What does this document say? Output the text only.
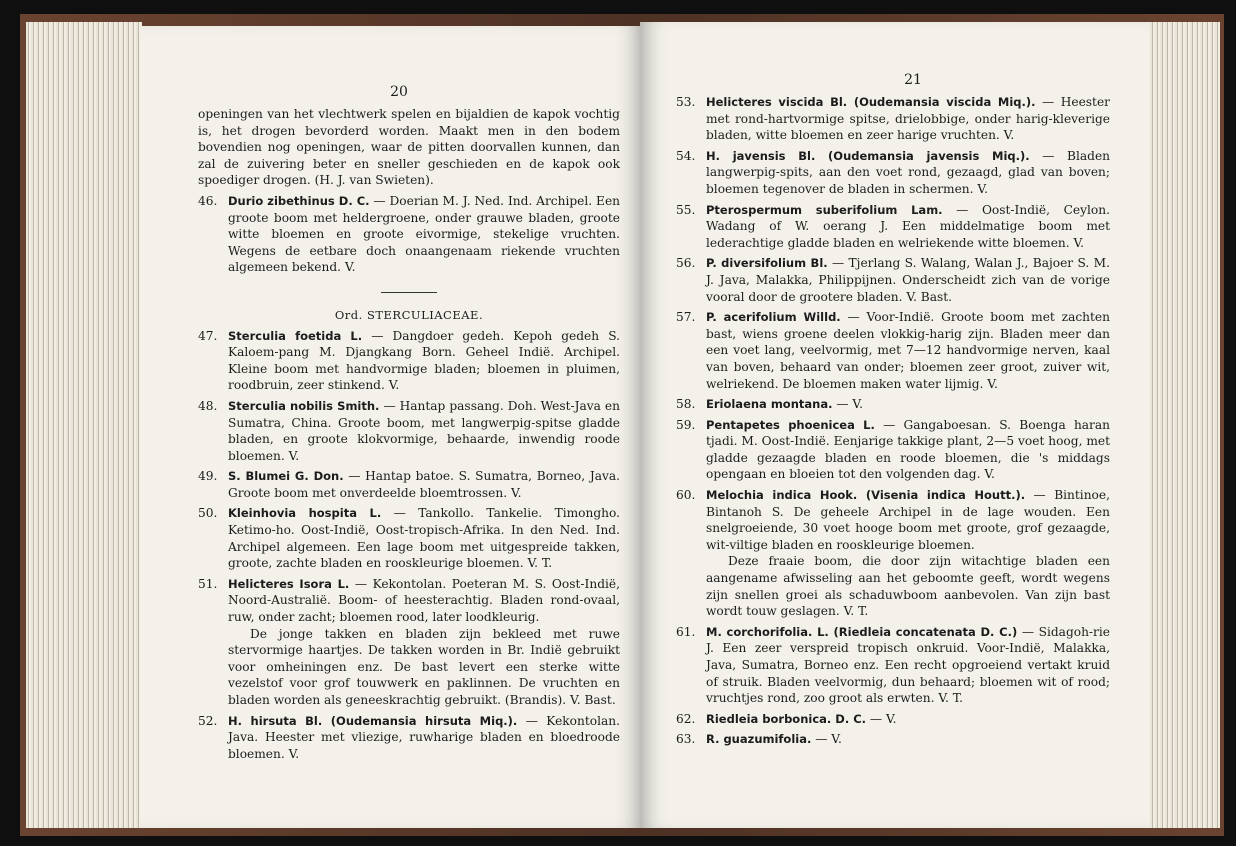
20

openingen van het vlechtwerk spelen en bijaldien de kapok vochtig is, het drogen bevorderd worden. Maakt men in den bodem bovendien nog openingen, waar de pitten doorvallen kunnen, dan zal de zuivering beter en sneller geschieden en de kapok ook spoediger drogen. (H. J. van Swieten).

46. Durio zibethinus D. C. — Doerian M. J. Ned. Ind. Archipel. Een groote boom met heldergroene, onder grauwe bladen, groote witte bloemen en groote eivormige, stekelige vruchten. Wegens de eetbare doch onaangenaam riekende vruchten algemeen bekend. V.
Ord. STERCULIACEAE.
47. Sterculia foetida L. — Dangdoer gedeh. Kepoh gedeh S. Kaloem-pang M. Djangkang Born. Geheel Indië. Archipel. Kleine boom met handvormige bladen; bloemen in pluimen, roodbruin, zeer stinkend. V.
48. Sterculia nobilis Smith. — Hantap passang. Doh. West-Java en Sumatra, China. Groote boom, met langwerpig-spitse gladde bladen, en groote klokvormige, behaarde, inwendig roode bloemen. V.
49. S. Blumei G. Don. — Hantap batoe. S. Sumatra, Borneo, Java. Groote boom met onverdeelde bloemtrossen. V.
50. Kleinhovia hospita L. — Tankollo. Tankelie. Timongho. Ketimo-ho. Oost-Indië, Oost-tropisch-Afrika. In den Ned. Ind. Archipel algemeen. Een lage boom met uitgespreide takken, groote, zachte bladen en rooskleurige bloemen. V. T.
51. Helicteres Isora L. — Kekontolan. Poeteran M. S. Oost-Indië, Noord-Australië. Boom- of heesterachtig. Bladen rond-ovaal, ruw, onder zacht; bloemen rood, later loodkleurig.

De jonge takken en bladen zijn bekleed met ruwe stervormige haartjes. De takken worden in Br. Indië gebruikt voor omheiningen enz. De bast levert een sterke witte vezelstof voor grof touwwerk en paklinnen. De vruchten en bladen worden als geneeskrachtig gebruikt. (Brandis). V. Bast.

52. H. hirsuta Bl. (Oudemansia hirsuta Miq.). — Kekontolan. Java. Heester met vliezige, ruwharige bladen en bloedroode bloemen. V.
21
53. Helicteres viscida Bl. (Oudemansia viscida Miq.). — Heester met rond-hartvormige spitse, drielobbige, onder harig-kleverige bladen, witte bloemen en zeer harige vruchten. V.
54. H. javensis Bl. (Oudemansia javensis Miq.). — Bladen langwerpig-spits, aan den voet rond, gezaagd, glad van boven; bloemen tegenover de bladen in schermen. V.
55. Pterospermum suberifolium Lam. — Oost-Indië, Ceylon. Wadang of W. oerang J. Een middelmatige boom met lederachtige gladde bladen en welriekende witte bloemen. V.
56. P. diversifolium Bl. — Tjerlang S. Walang, Walan J., Bajoer S. M. J. Java, Malakka, Philippijnen. Onderscheidt zich van de vorige vooral door de grootere bladen. V. Bast.
57. P. acerifolium Willd. — Voor-Indië. Groote boom met zachten bast, wiens groene deelen vlokkig-harig zijn. Bladen meer dan een voet lang, veelvormig, met 7—12 handvormige nerven, kaal van boven, behaard van onder; bloemen zeer groot, zuiver wit, welriekend. De bloemen maken water lijmig. V.
58. Eriolaena montana. — V.
59. Pentapetes phoenicea L. — Gangaboesan. S. Boenga haran tjadi. M. Oost-Indië. Eenjarige takkige plant, 2—5 voet hoog, met gladde gezaagde bladen en roode bloemen, die 's middags opengaan en bloeien tot den volgenden dag. V.
60. Melochia indica Hook. (Visenia indica Houtt.). — Bintinoe, Bintanoh S. De geheele Archipel in de lage wouden. Een snelgroeiende, 30 voet hooge boom met groote, grof gezaagde, wit-viltige bladen en rooskleurige bloemen.

Deze fraaie boom, die door zijn witachtige bladen een aangename afwisseling aan het geboomte geeft, wordt wegens zijn snellen groei als schaduwboom aanbevolen. Van zijn bast wordt touw geslagen. V. T.

61. M. corchorifolia. L. (Riedleia concatenata D. C.) — Sidagoh-rie J. Een zeer verspreid tropisch onkruid. Voor-Indië, Malakka, Java, Sumatra, Borneo enz. Een recht opgroeiend vertakt kruid of struik. Bladen veelvormig, dun behaard; bloemen wit of rood; vruchtjes rond, zoo groot als erwten. V. T.
62. Riedleia borbonica. D. C. — V.
63. R. guazumifolia. — V.
